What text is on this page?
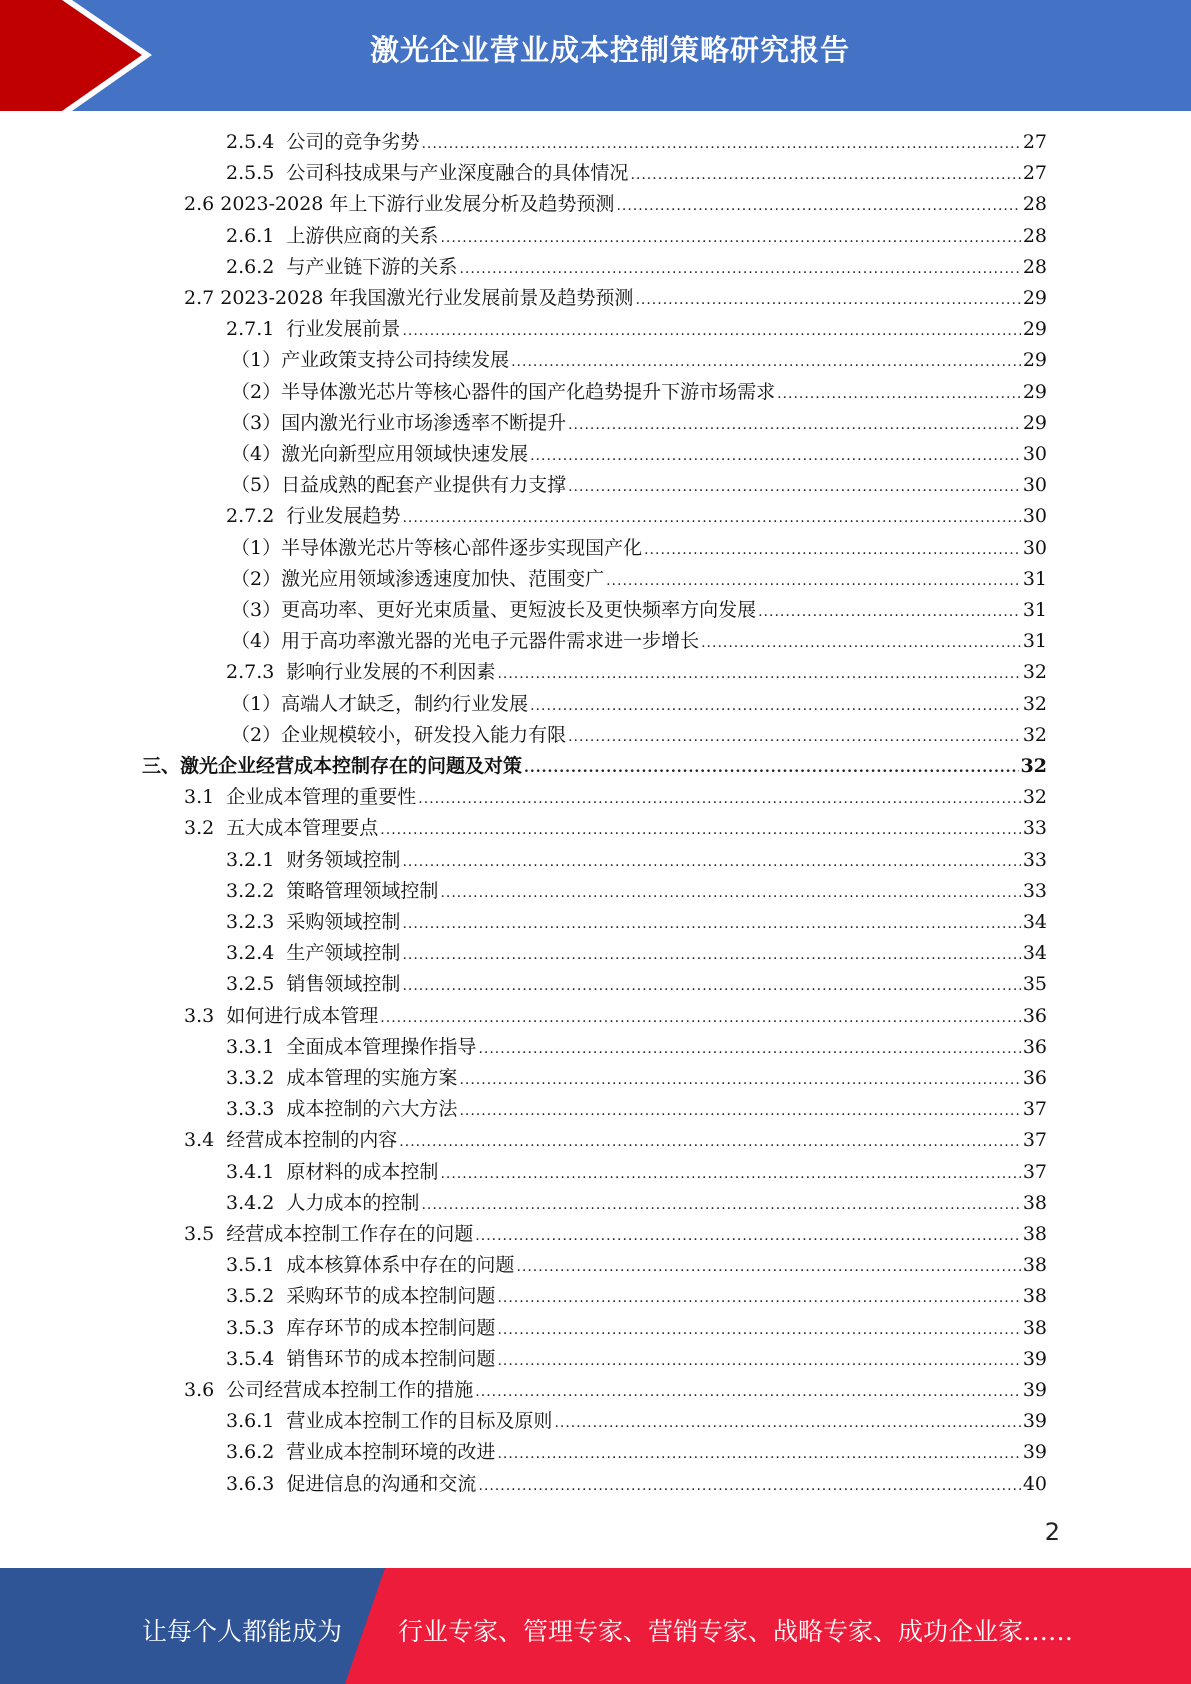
激光企业营业成本控制策略研究报告
2.5.4  公司的竞争劣势 .....	27
2.5.5  公司科技成果与产业深度融合的具体情况 .....	27
2.6 2023-2028 年上下游行业发展分析及趋势预测 .....	28
2.6.1  上游供应商的关系 .....	28
2.6.2  与产业链下游的关系 .....	28
2.7 2023-2028 年我国激光行业发展前景及趋势预测 .....	29
2.7.1  行业发展前景 .....	29
（1）产业政策支持公司持续发展 .....	29
（2）半导体激光芯片等核心器件的国产化趋势提升下游市场需求 .....	29
（3）国内激光行业市场渗透率不断提升 .....	29
（4）激光向新型应用领域快速发展 .....	30
（5）日益成熟的配套产业提供有力支撑 .....	30
2.7.2  行业发展趋势 .....	30
（1）半导体激光芯片等核心部件逐步实现国产化 .....	30
（2）激光应用领域渗透速度加快、范围变广 .....	31
（3）更高功率、更好光束质量、更短波长及更快频率方向发展 .....	31
（4）用于高功率激光器的光电子元器件需求进一步增长 .....	31
2.7.3  影响行业发展的不利因素 .....	32
（1）高端人才缺乏，制约行业发展 .....	32
（2）企业规模较小，研发投入能力有限 .....	32
三、激光企业经营成本控制存在的问题及对策 .....	32
3.1  企业成本管理的重要性 .....	32
3.2  五大成本管理要点 .....	33
3.2.1  财务领域控制 .....	33
3.2.2  策略管理领域控制 .....	33
3.2.3  采购领域控制 .....	34
3.2.4  生产领域控制 .....	34
3.2.5  销售领域控制 .....	35
3.3  如何进行成本管理 .....	36
3.3.1  全面成本管理操作指导 .....	36
3.3.2  成本管理的实施方案 .....	36
3.3.3  成本控制的六大方法 .....	37
3.4  经营成本控制的内容 .....	37
3.4.1  原材料的成本控制 .....	37
3.4.2  人力成本的控制 .....	38
3.5  经营成本控制工作存在的问题 .....	38
3.5.1  成本核算体系中存在的问题 .....	38
3.5.2  采购环节的成本控制问题 .....	38
3.5.3  库存环节的成本控制问题 .....	38
3.5.4  销售环节的成本控制问题 .....	39
3.6  公司经营成本控制工作的措施 .....	39
3.6.1  营业成本控制工作的目标及原则 .....	39
3.6.2  营业成本控制环境的改进 .....	39
3.6.3  促进信息的沟通和交流 .....	40
2
让每个人都能成为 行业专家、管理专家、营销专家、战略专家、成功企业家……
